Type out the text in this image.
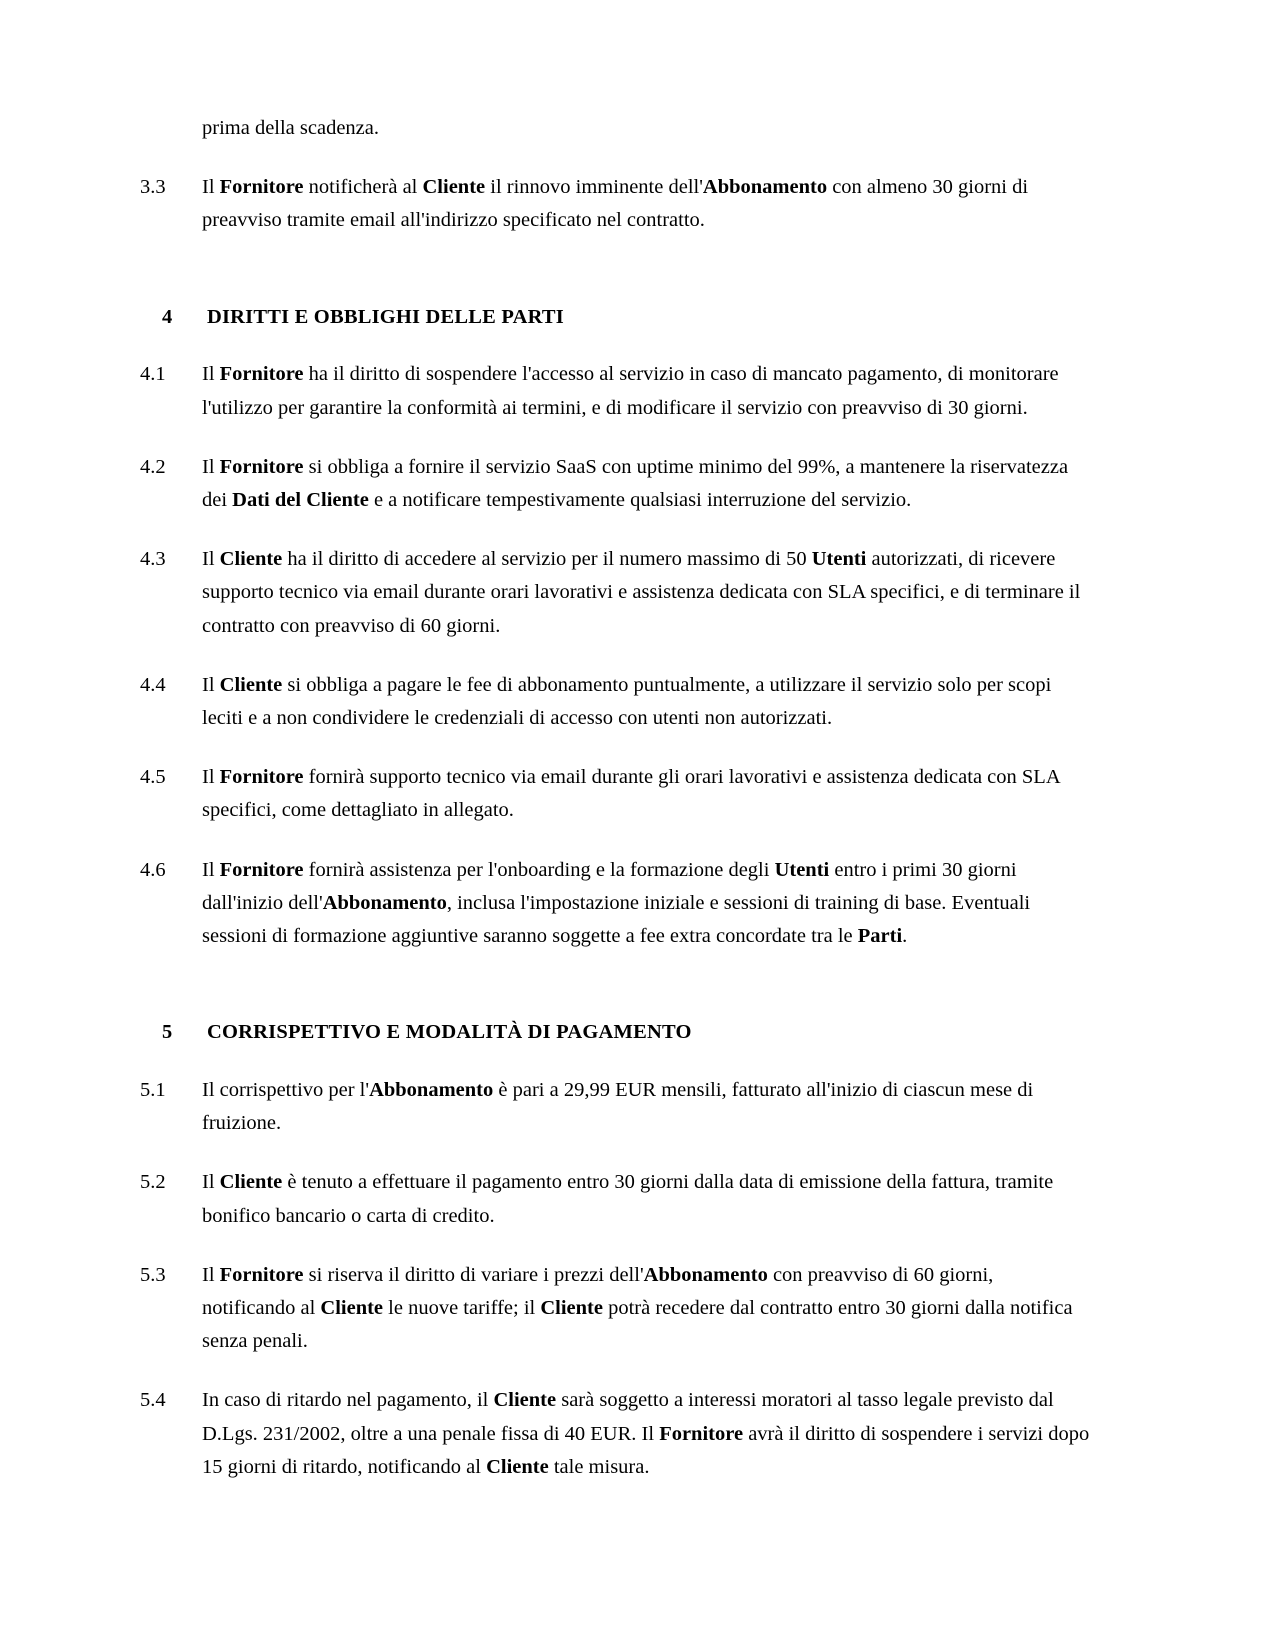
prima della scadenza.

3.3	Il Fornitore notificherà al Cliente il rinnovo imminente dell'Abbonamento con almeno 30 giorni di preavviso tramite email all'indirizzo specificato nel contratto.
4	DIRITTI E OBBLIGHI DELLE PARTI
4.1	Il Fornitore ha il diritto di sospendere l'accesso al servizio in caso di mancato pagamento, di monitorare l'utilizzo per garantire la conformità ai termini, e di modificare il servizio con preavviso di 30 giorni.
4.2	Il Fornitore si obbliga a fornire il servizio SaaS con uptime minimo del 99%, a mantenere la riservatezza dei Dati del Cliente e a notificare tempestivamente qualsiasi interruzione del servizio.
4.3	Il Cliente ha il diritto di accedere al servizio per il numero massimo di 50 Utenti autorizzati, di ricevere supporto tecnico via email durante orari lavorativi e assistenza dedicata con SLA specifici, e di terminare il contratto con preavviso di 60 giorni.
4.4	Il Cliente si obbliga a pagare le fee di abbonamento puntualmente, a utilizzare il servizio solo per scopi leciti e a non condividere le credenziali di accesso con utenti non autorizzati.
4.5	Il Fornitore fornirà supporto tecnico via email durante gli orari lavorativi e assistenza dedicata con SLA specifici, come dettagliato in allegato.
4.6	Il Fornitore fornirà assistenza per l'onboarding e la formazione degli Utenti entro i primi 30 giorni dall'inizio dell'Abbonamento, inclusa l'impostazione iniziale e sessioni di training di base. Eventuali sessioni di formazione aggiuntive saranno soggette a fee extra concordate tra le Parti.
5	CORRISPETTIVO E MODALITÀ DI PAGAMENTO
5.1	Il corrispettivo per l'Abbonamento è pari a 29,99 EUR mensili, fatturato all'inizio di ciascun mese di fruizione.
5.2	Il Cliente è tenuto a effettuare il pagamento entro 30 giorni dalla data di emissione della fattura, tramite bonifico bancario o carta di credito.
5.3	Il Fornitore si riserva il diritto di variare i prezzi dell'Abbonamento con preavviso di 60 giorni, notificando al Cliente le nuove tariffe; il Cliente potrà recedere dal contratto entro 30 giorni dalla notifica senza penali.
5.4	In caso di ritardo nel pagamento, il Cliente sarà soggetto a interessi moratori al tasso legale previsto dal D.Lgs. 231/2002, oltre a una penale fissa di 40 EUR. Il Fornitore avrà il diritto di sospendere i servizi dopo 15 giorni di ritardo, notificando al Cliente tale misura.
